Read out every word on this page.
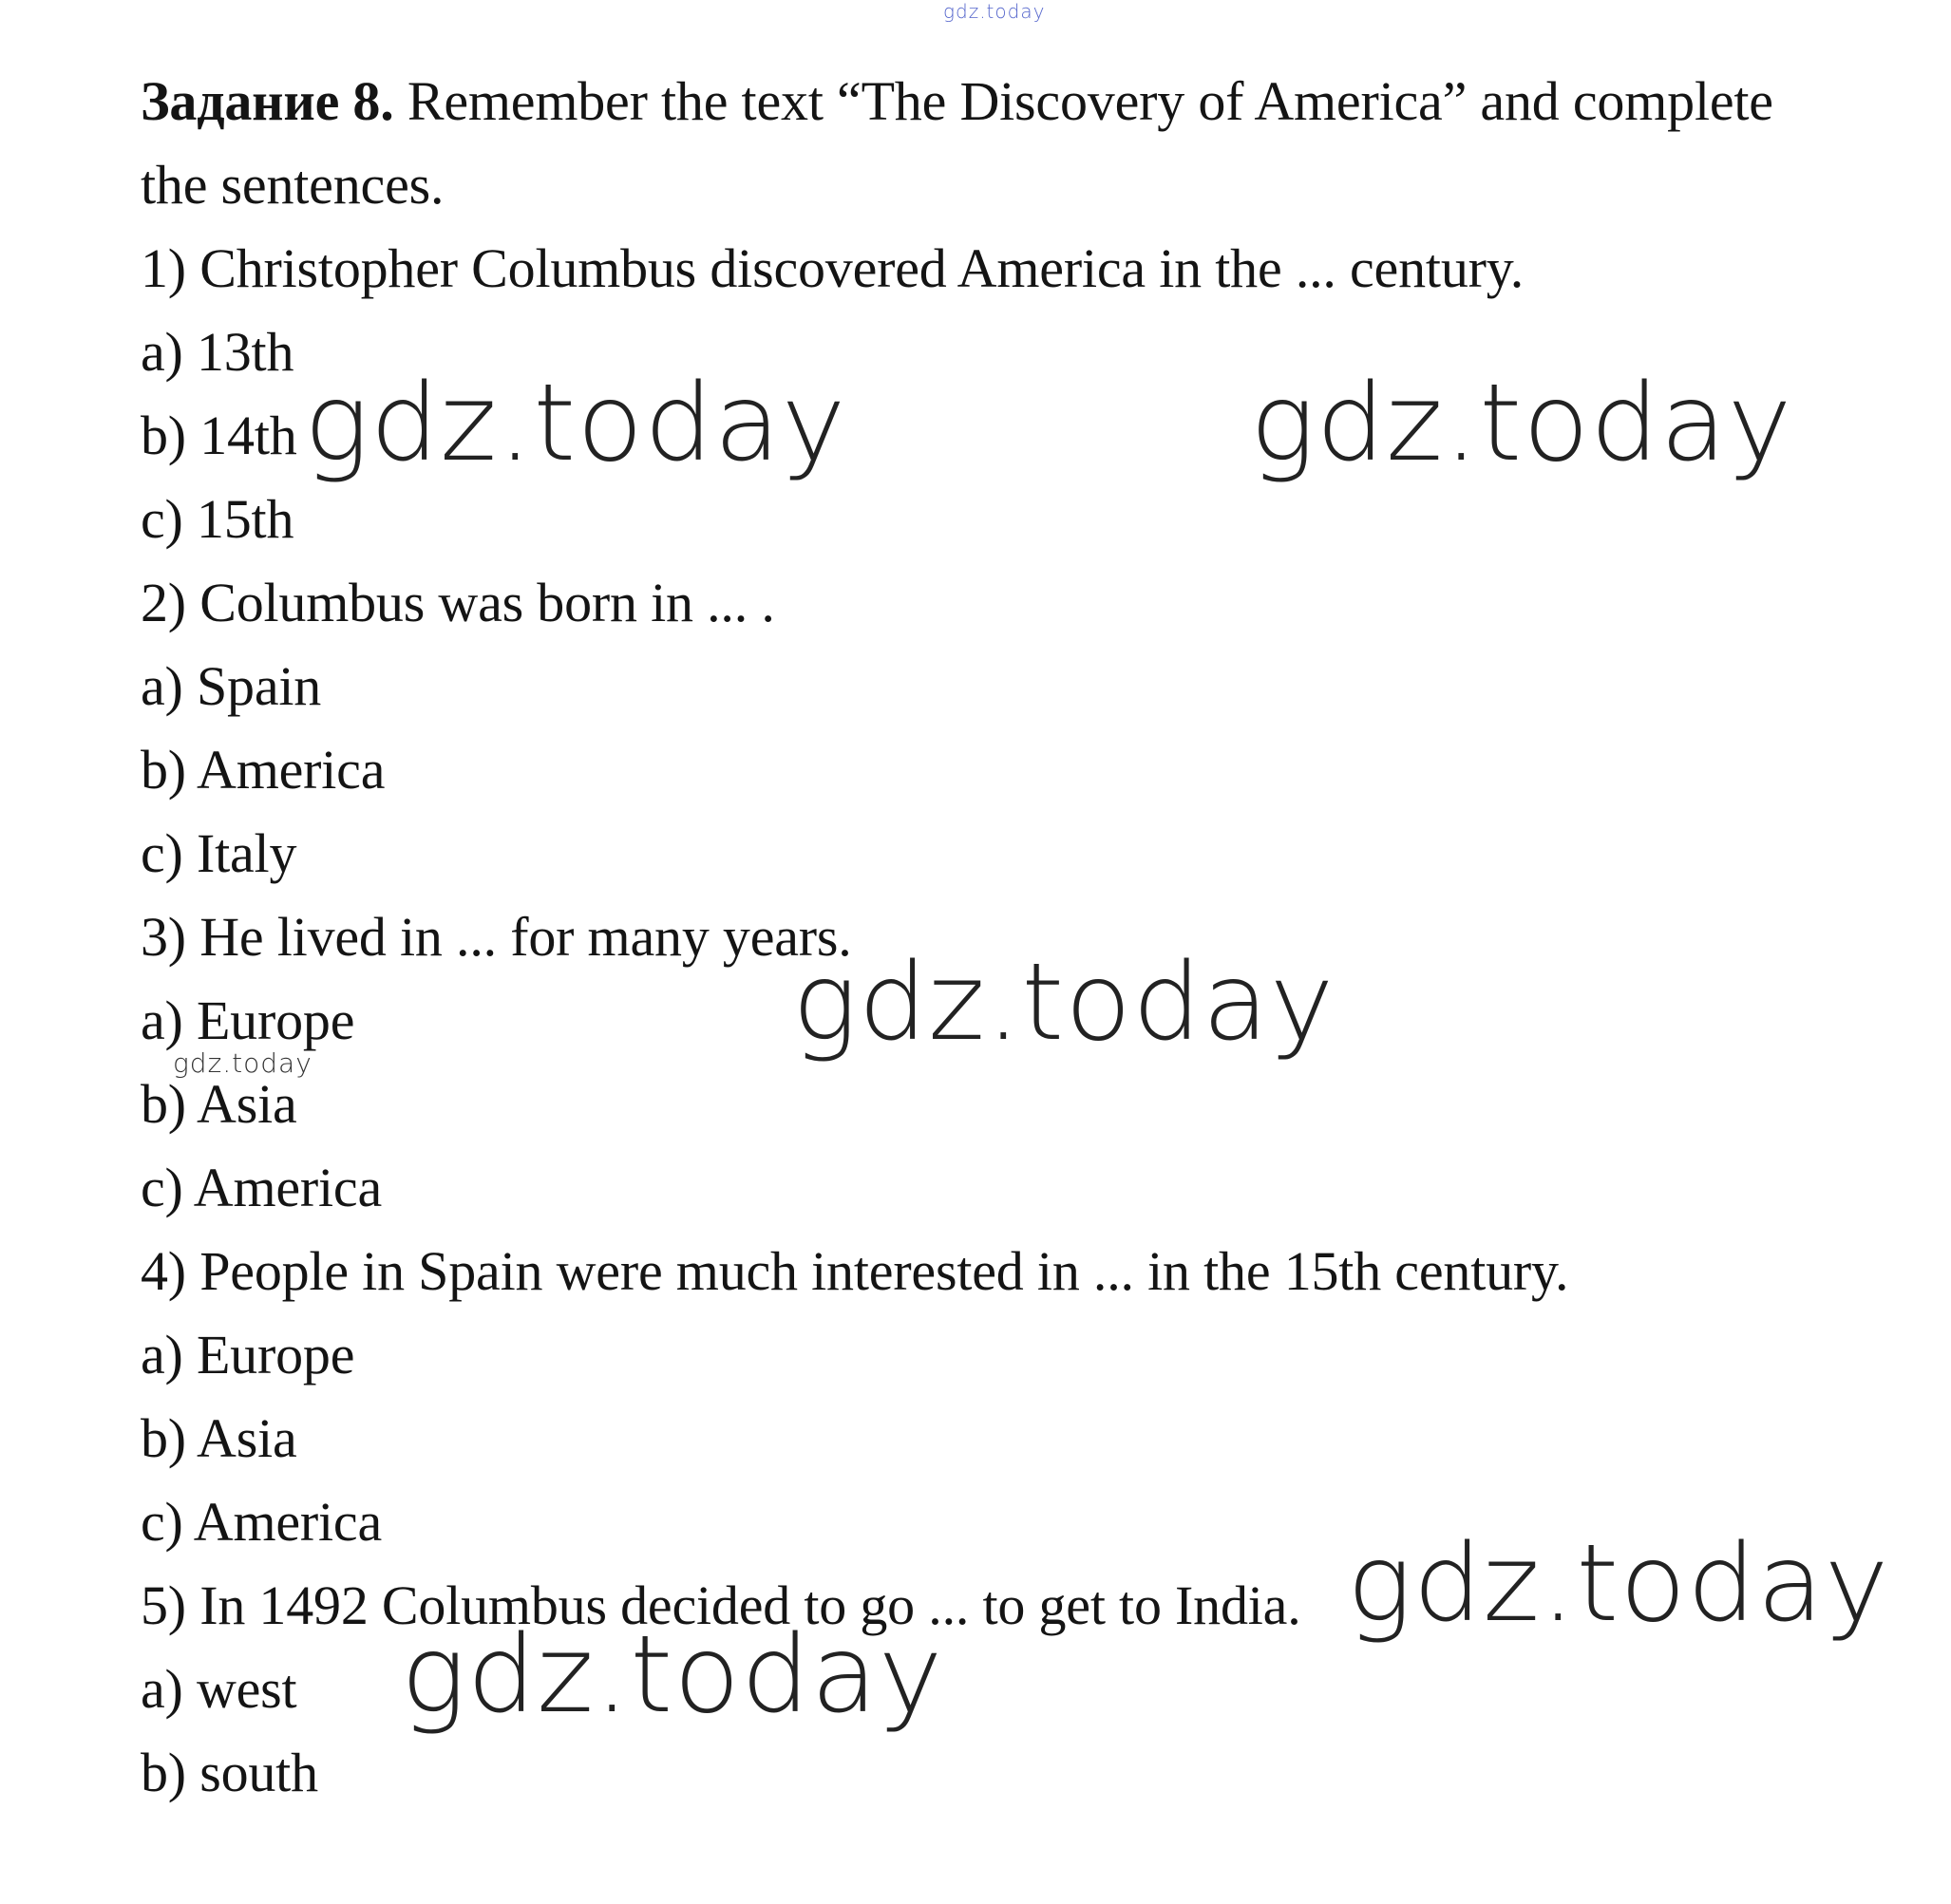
gdz.today
Задание 8. Remember the text “The Discovery of America” and complete
the sentences.
1) Christopher Columbus discovered America in the ... century.
a) 13th
b) 14th
c) 15th
2) Columbus was born in ... .
a) Spain
b) America
c) Italy
3) He lived in ... for many years.
a) Europe
b) Asia
c) America
4) People in Spain were much interested in ... in the 15th century.
a) Europe
b) Asia
c) America
5) In 1492 Columbus decided to go ... to get to India.
a) west
b) south
gdz.today	gdz.today
gdz.today
gdz.today
gdz.today
gdz.today
